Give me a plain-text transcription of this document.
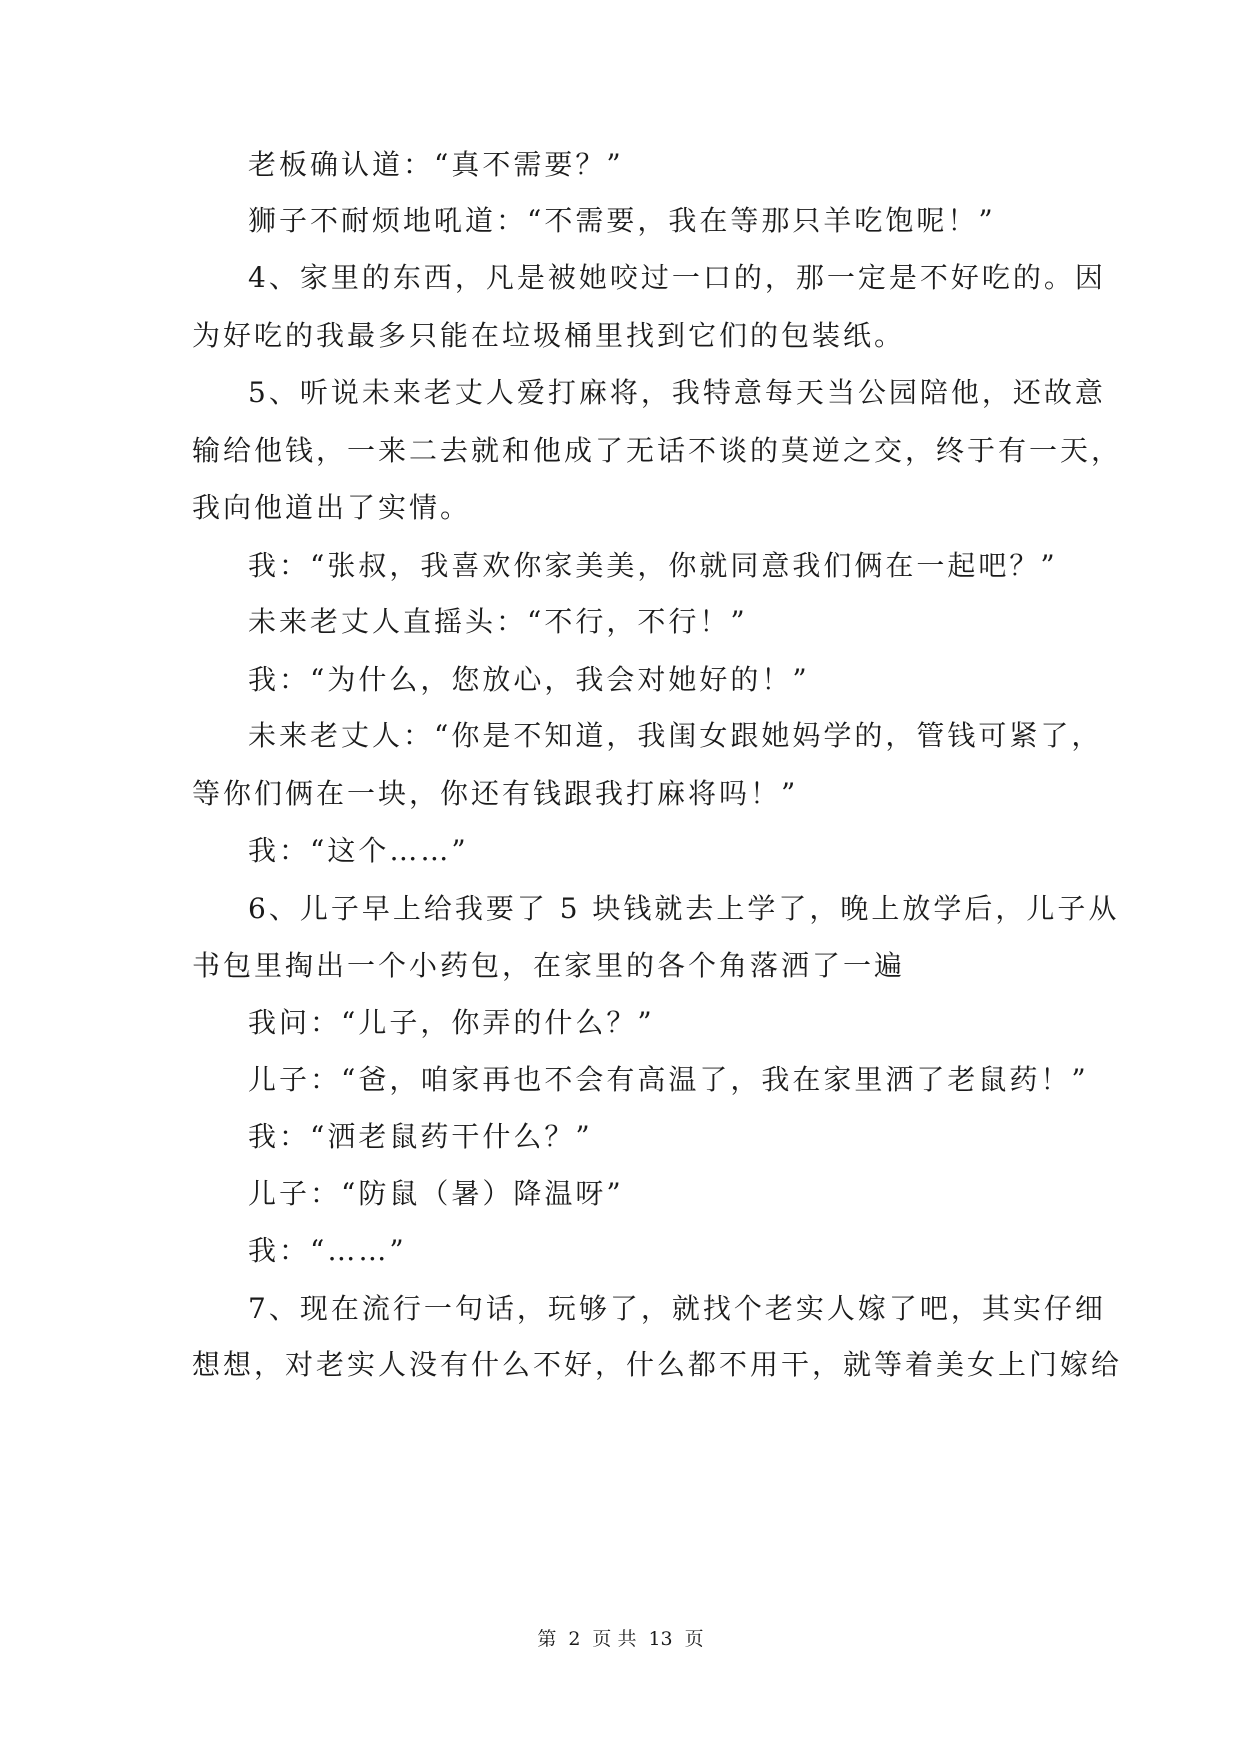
老板确认道：“真不需要？”
狮子不耐烦地吼道：“不需要，我在等那只羊吃饱呢！”
4、家里的东西，凡是被她咬过一口的，那一定是不好吃的。因
为好吃的我最多只能在垃圾桶里找到它们的包装纸。
5、听说未来老丈人爱打麻将，我特意每天当公园陪他，还故意
输给他钱，一来二去就和他成了无话不谈的莫逆之交，终于有一天，
我向他道出了实情。
我：“张叔，我喜欢你家美美，你就同意我们俩在一起吧？”
未来老丈人直摇头：“不行，不行！”
我：“为什么，您放心，我会对她好的！”
未来老丈人：“你是不知道，我闺女跟她妈学的，管钱可紧了，
等你们俩在一块，你还有钱跟我打麻将吗！”
我：“这个……”
6、儿子早上给我要了 5 块钱就去上学了，晚上放学后，儿子从
书包里掏出一个小药包，在家里的各个角落洒了一遍
我问：“儿子，你弄的什么？”
儿子：“爸，咱家再也不会有高温了，我在家里洒了老鼠药！”
我：“洒老鼠药干什么？”
儿子：“防鼠（暑）降温呀”
我：“……”
7、现在流行一句话，玩够了，就找个老实人嫁了吧，其实仔细
想想，对老实人没有什么不好，什么都不用干，就等着美女上门嫁给
第 2 页 共 13 页
